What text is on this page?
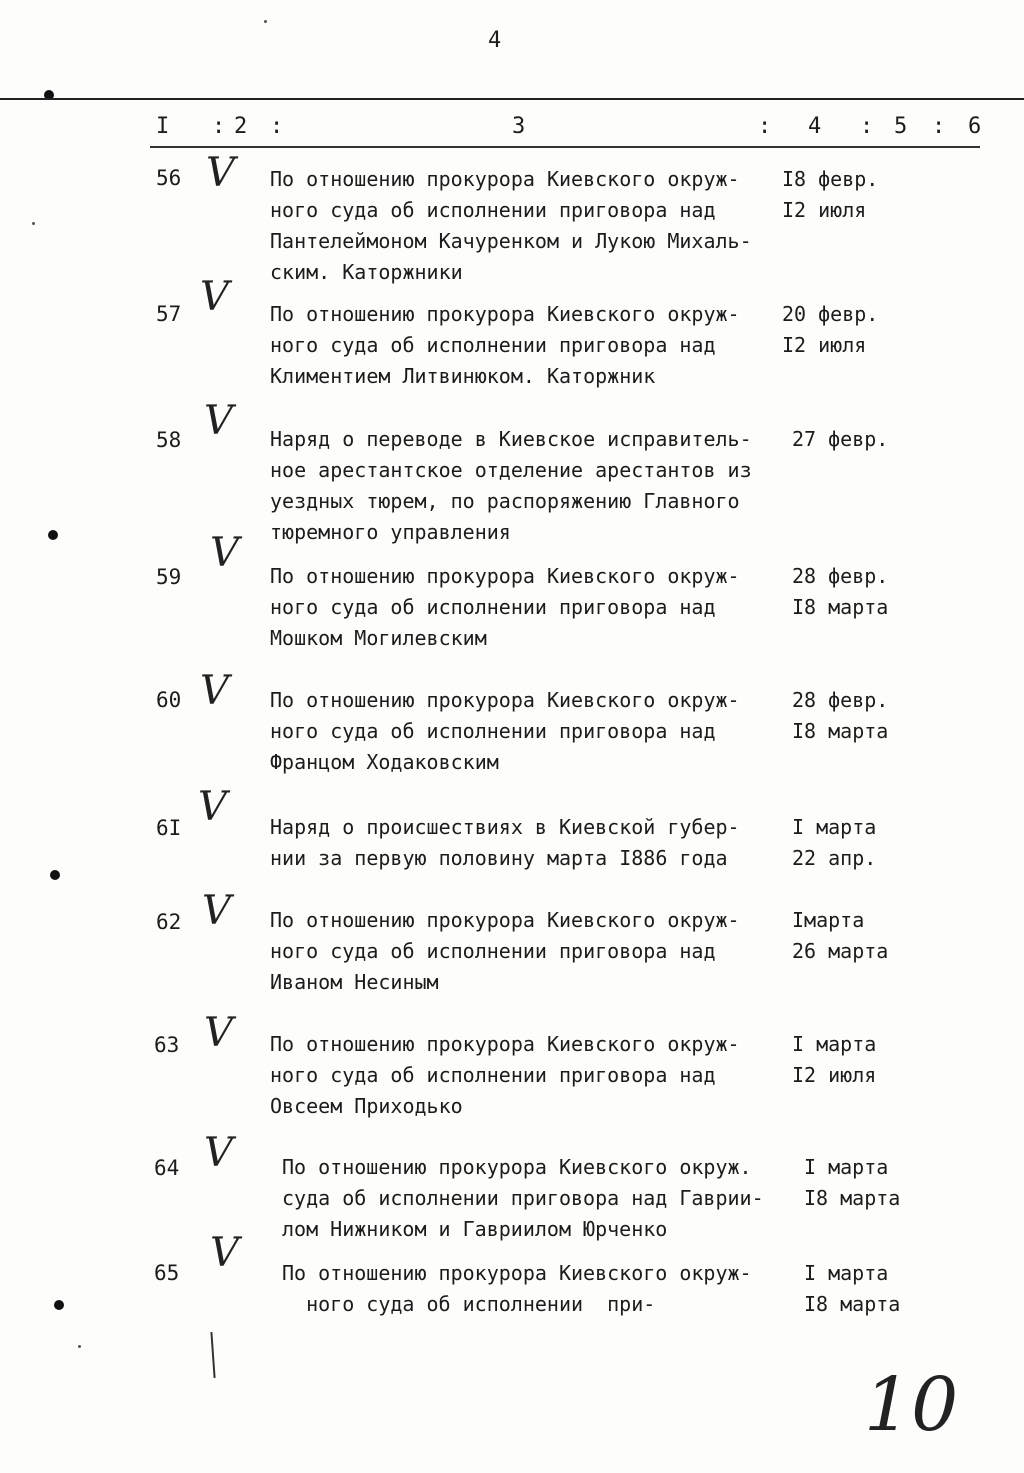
4
I : 2 :	3	: 4 : 5 : 6
56 V По отношению прокурора Киевского окруж-
ного суда об исполнении приговора над
Пантелеймоном Качуренком и Лукою Михаль-
ским. Каторжники
I8 февр.
I2 июля
57 V По отношению прокурора Киевского окруж-
ного суда об исполнении приговора над
Климентием Литвинюком. Каторжник
20 февр.
I2 июля
58 V Наряд о переводе в Киевское исправитель-
ное арестантское отделение арестантов из
уездных тюрем, по распоряжению Главного
тюремного управления
27 февр.
59
V По отношению прокурора Киевского окруж-
ного суда об исполнении приговора над
Мошком Могилевским
28 февр.
I8 марта
60 V По отношению прокурора Киевского окруж-
ного суда об исполнении приговора над
Францом Ходаковским
28 февр.
I8 марта
6I V Наряд о происшествиях в Киевской губер-
нии за первую половину марта I886 года
I марта
22 апр.
62 V По отношению прокурора Киевского окруж-
ного суда об исполнении приговора над
Иваном Несиным
Iмарта
26 марта
63 V По отношению прокурора Киевского окруж-
ного суда об исполнении приговора над
Овсеем Приходько
I марта
I2 июля
64 V По отношению прокурора Киевского окруж.
суда об исполнении приговора над Гаврии-
лом Нижником и Гавриилом Юрченко
I марта
I8 марта
65 V По отношению прокурора Киевского окруж-
ного суда об исполнении  при-
I марта
I8 марта
10
